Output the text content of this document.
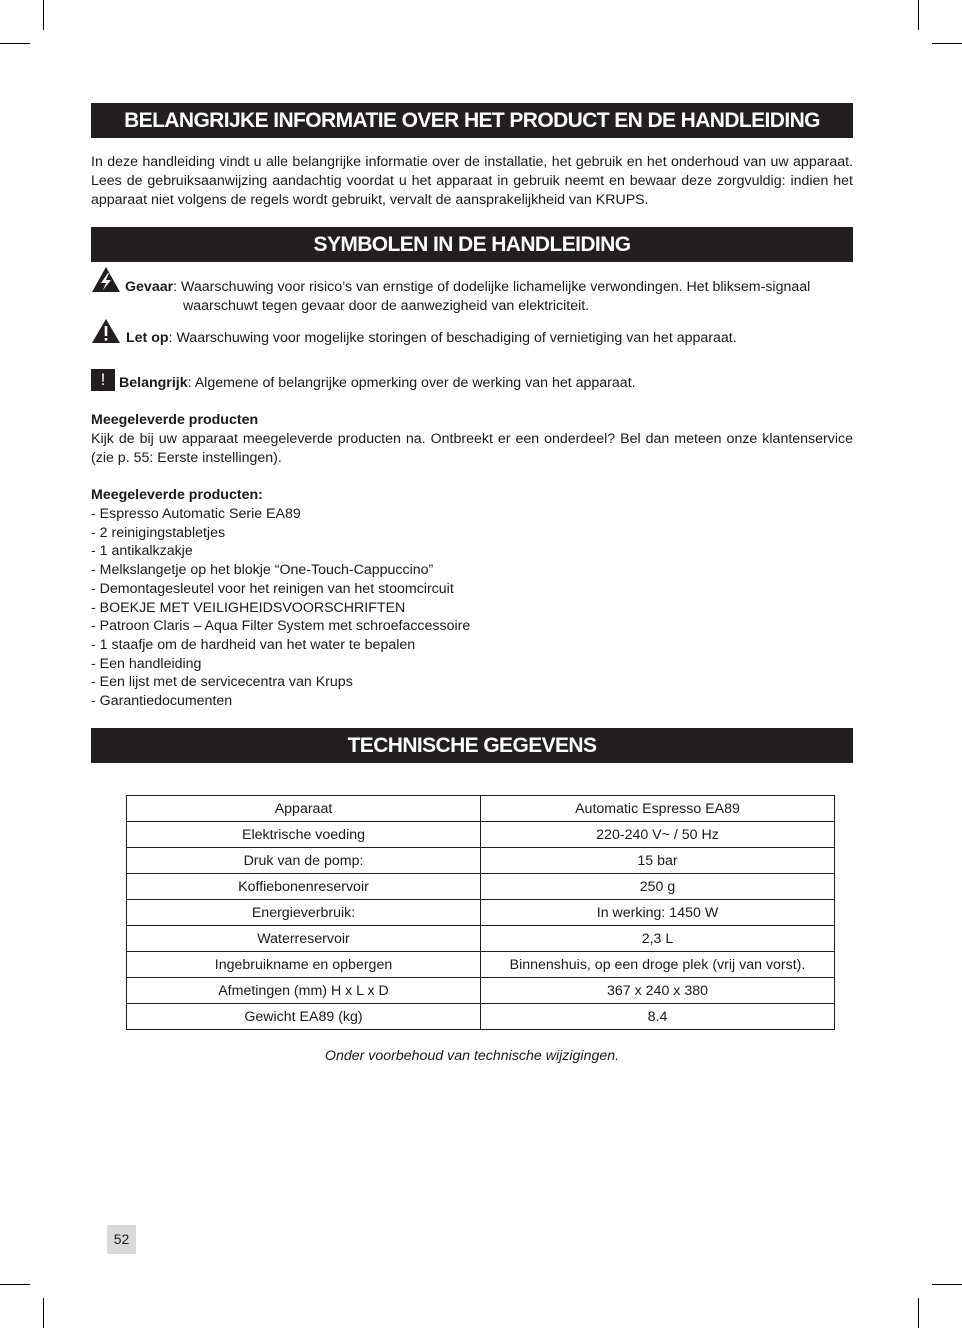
BELANGRIJKE INFORMATIE OVER HET PRODUCT EN DE HANDLEIDING
In deze handleiding vindt u alle belangrijke informatie over de installatie, het gebruik en het onderhoud van uw apparaat. Lees de gebruiksaanwijzing aandachtig voordat u het apparaat in gebruik neemt en bewaar deze zorgvuldig: indien het apparaat niet volgens de regels wordt gebruikt, vervalt de aansprakelijkheid van KRUPS.
SYMBOLEN IN DE HANDLEIDING
Gevaar: Waarschuwing voor risico’s van ernstige of dodelijke lichamelijke verwondingen. Het bliksem-signaal
waarschuwt tegen gevaar door de aanwezigheid van elektriciteit.
Let op: Waarschuwing voor mogelijke storingen of beschadiging of vernietiging van het apparaat.
! Belangrijk: Algemene of belangrijke opmerking over de werking van het apparaat.
Meegeleverde producten
Kijk de bij uw apparaat meegeleverde producten na. Ontbreekt er een onderdeel? Bel dan meteen onze klantenservice (zie p. 55: Eerste instellingen).
Meegeleverde producten:
- Espresso Automatic Serie EA89
- 2 reinigingstabletjes
- 1 antikalkzakje
- Melkslangetje op het blokje “One-Touch-Cappuccino”
- Demontagesleutel voor het reinigen van het stoomcircuit
- BOEKJE MET VEILIGHEIDSVOORSCHRIFTEN
- Patroon Claris – Aqua Filter System met schroefaccessoire
- 1 staafje om de hardheid van het water te bepalen
- Een handleiding
- Een lijst met de servicecentra van Krups
- Garantiedocumenten
TECHNISCHE GEGEVENS
Apparaat	Automatic Espresso EA89
Elektrische voeding	220-240 V~ / 50 Hz
Druk van de pomp:	15 bar
Koffiebonenreservoir	250 g
Energieverbruik:	In werking: 1450 W
Waterreservoir	2,3 L
Ingebruikname en opbergen	Binnenshuis, op een droge plek (vrij van vorst).
Afmetingen (mm) H x L x D	367 x 240 x 380
Gewicht EA89 (kg)	8.4
Onder voorbehoud van technische wijzigingen.
52
